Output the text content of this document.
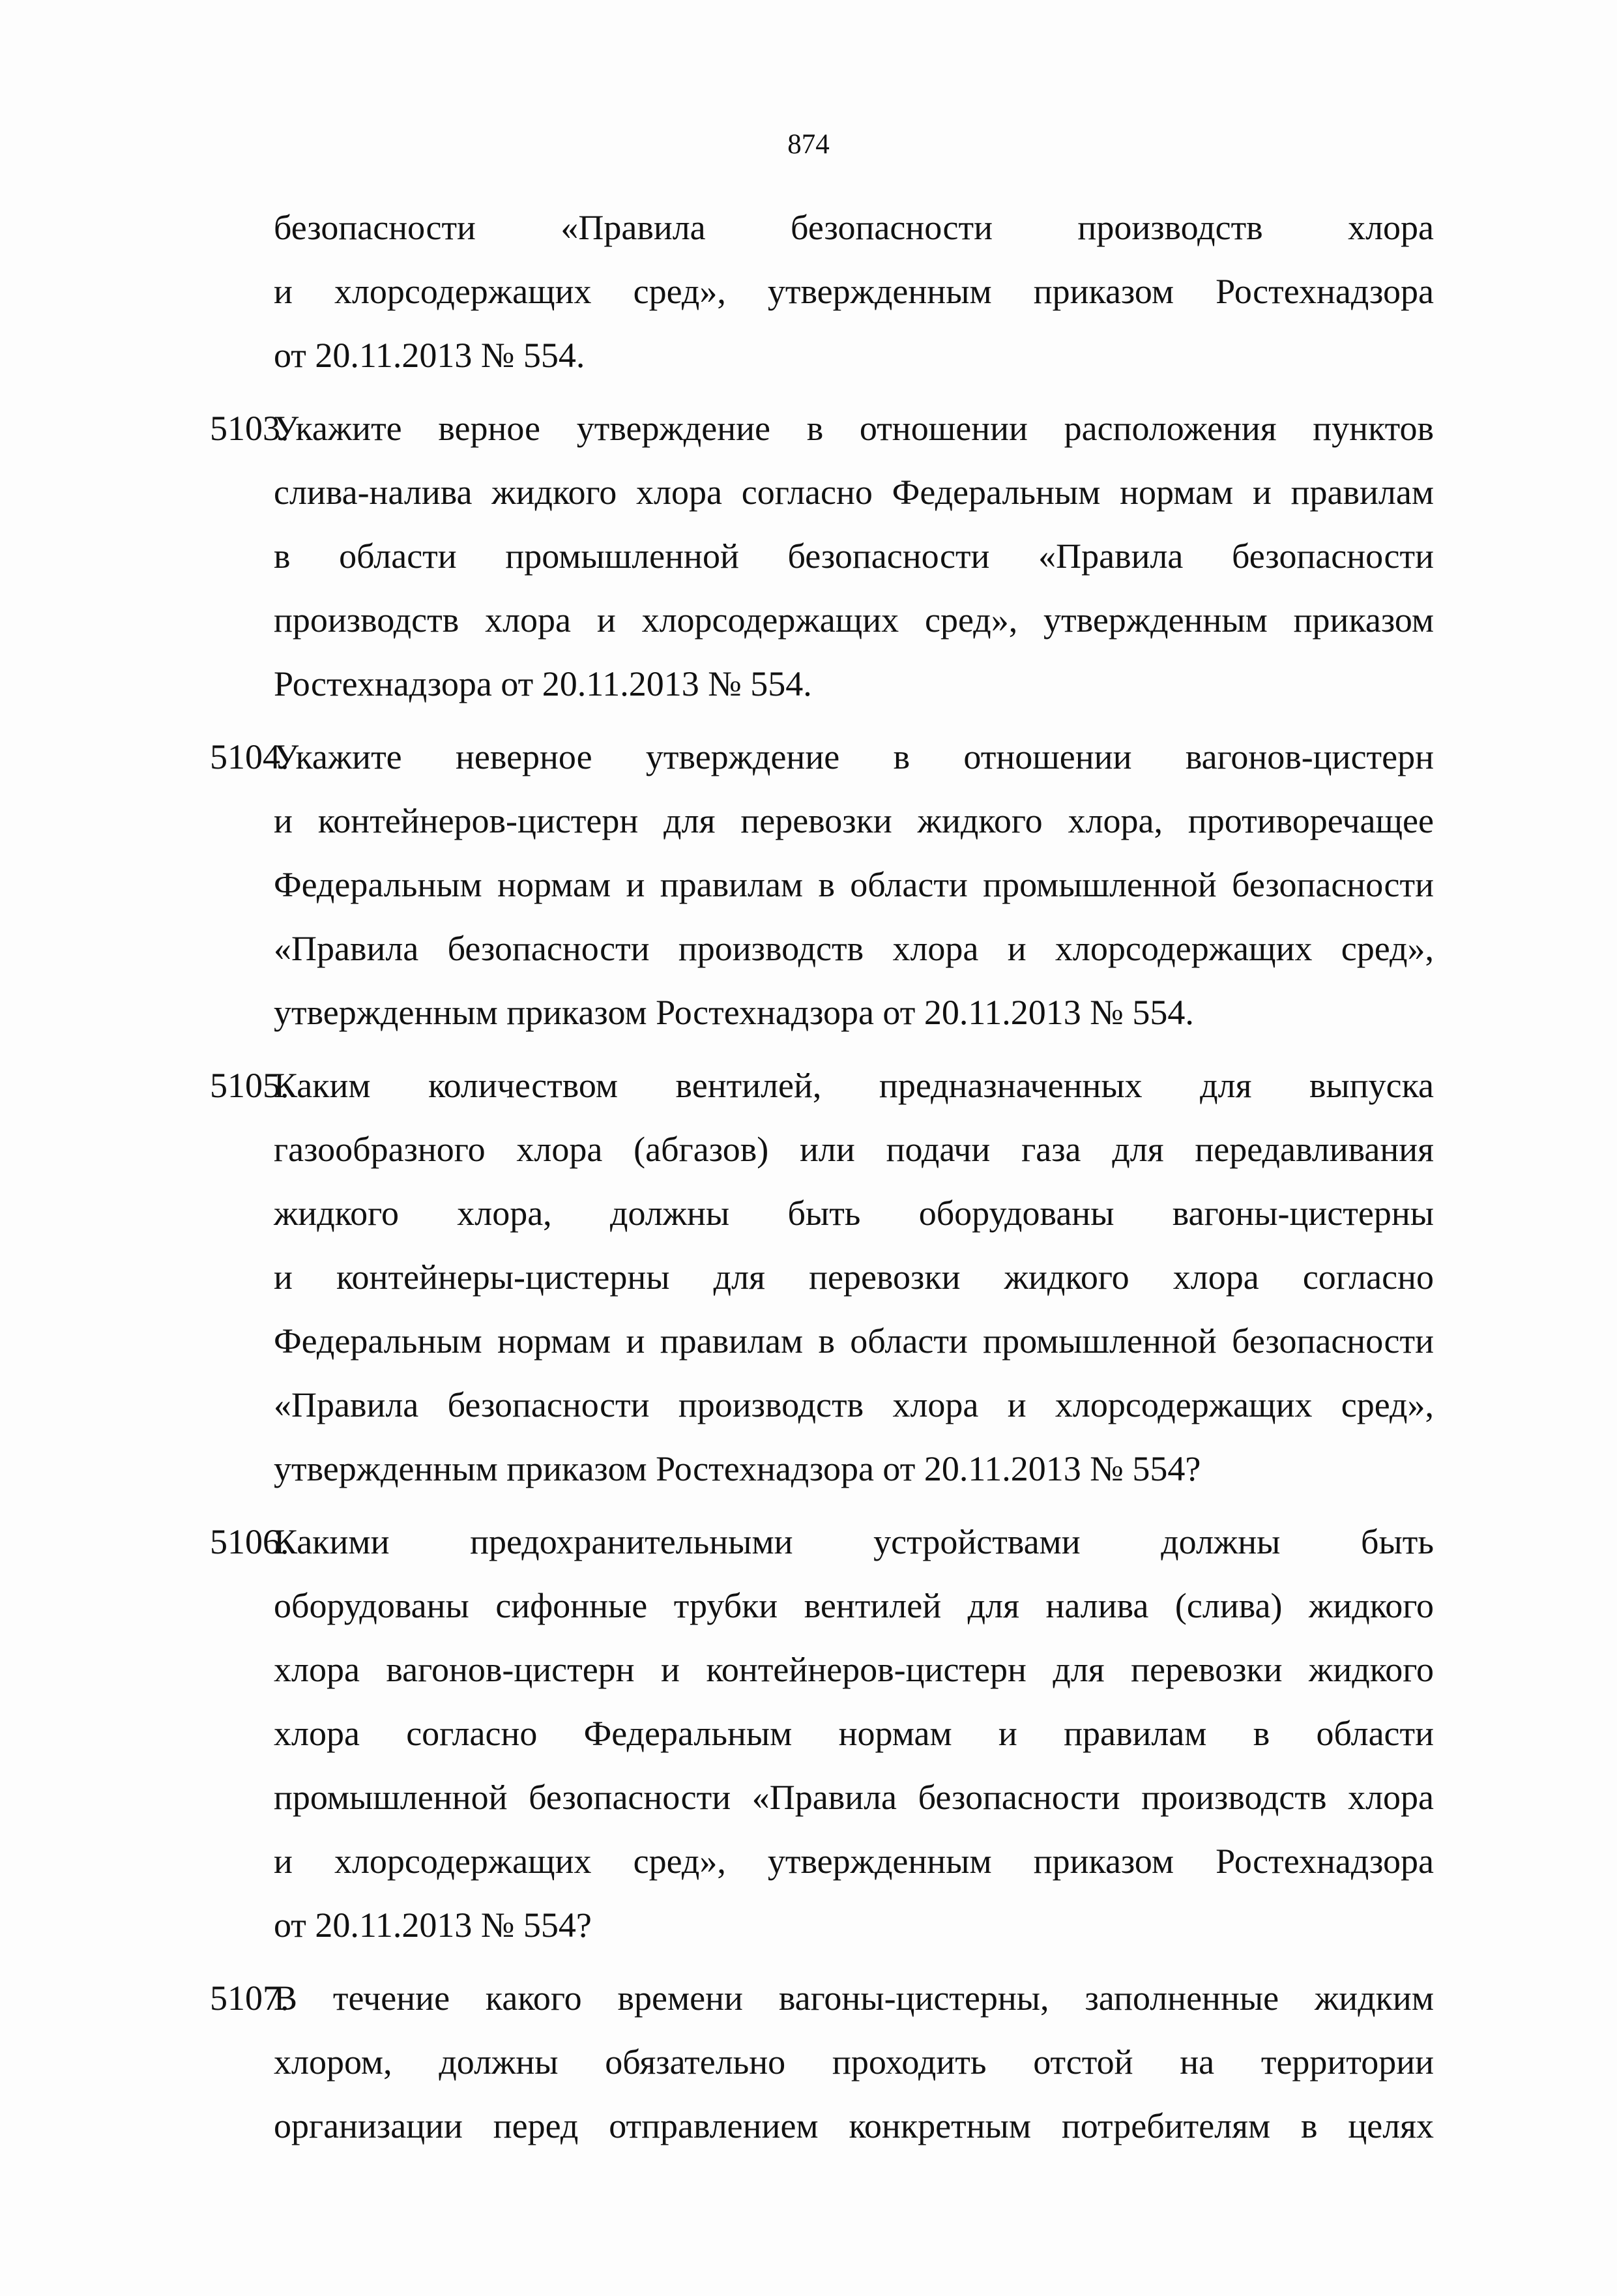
874
безопасности «Правила безопасности производств хлора
и хлорсодержащих сред», утвержденным приказом Ростехнадзора
от 20.11.2013 № 554.
5103.
Укажите верное утверждение в отношении расположения пунктов
слива-налива жидкого хлора согласно Федеральным нормам и правилам
в области промышленной безопасности «Правила безопасности
производств хлора и хлорсодержащих сред», утвержденным приказом
Ростехнадзора от 20.11.2013 № 554.
5104.
Укажите неверное утверждение в отношении вагонов-цистерн
и контейнеров-цистерн для перевозки жидкого хлора, противоречащее
Федеральным нормам и правилам в области промышленной безопасности
«Правила безопасности производств хлора и хлорсодержащих сред»,
утвержденным приказом Ростехнадзора от 20.11.2013 № 554.
5105.
Каким количеством вентилей, предназначенных для выпуска
газообразного хлора (абгазов) или подачи газа для передавливания
жидкого хлора, должны быть оборудованы вагоны-цистерны
и контейнеры-цистерны для перевозки жидкого хлора согласно
Федеральным нормам и правилам в области промышленной безопасности
«Правила безопасности производств хлора и хлорсодержащих сред»,
утвержденным приказом Ростехнадзора от 20.11.2013 № 554?
5106.
Какими предохранительными устройствами должны быть
оборудованы сифонные трубки вентилей для налива (слива) жидкого
хлора вагонов-цистерн и контейнеров-цистерн для перевозки жидкого
хлора согласно Федеральным нормам и правилам в области
промышленной безопасности «Правила безопасности производств хлора
и хлорсодержащих сред», утвержденным приказом Ростехнадзора
от 20.11.2013 № 554?
5107.
В течение какого времени вагоны-цистерны, заполненные жидким
хлором, должны обязательно проходить отстой на территории
организации перед отправлением конкретным потребителям в целях
